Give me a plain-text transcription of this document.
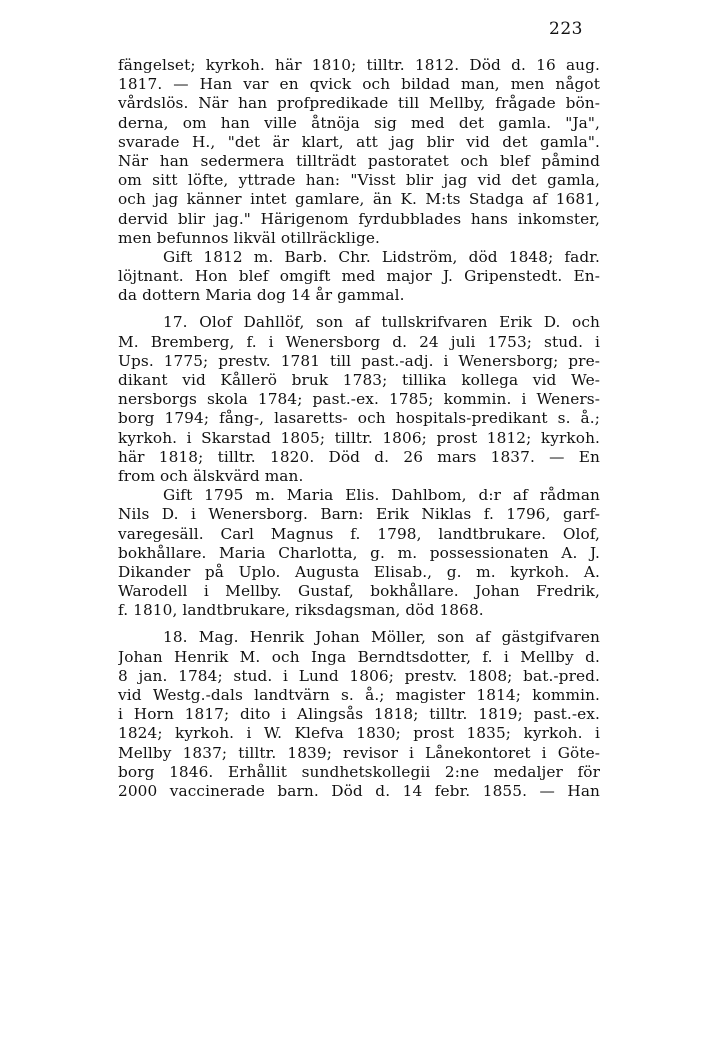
223
fängelset; kyrkoh. här 1810; tilltr. 1812. Död d. 16 aug.
1817. — Han var en qvick och bildad man, men något
vårdslös. När han profpredikade till Mellby, frågade bön-
derna, om han ville åtnöja sig med det gamla. "Ja",
svarade H., "det är klart, att jag blir vid det gamla".
När han sedermera tillträdt pastoratet och blef påmind
om sitt löfte, yttrade han: "Visst blir jag vid det gamla,
och jag känner intet gamlare, än K. M:ts Stadga af 1681,
dervid blir jag." Härigenom fyrdubblades hans inkomster,
men befunnos likväl otillräcklige.
Gift 1812 m. Barb. Chr. Lidström, död 1848; fadr.
löjtnant. Hon blef omgift med major J. Gripenstedt. En-
da dottern Maria dog 14 år gammal.
17. Olof Dahllöf, son af tullskrifvaren Erik D. och
M. Bremberg, f. i Wenersborg d. 24 juli 1753; stud. i
Ups. 1775; prestv. 1781 till past.-adj. i Wenersborg; pre-
dikant vid Kållerö bruk 1783; tillika kollega vid We-
nersborgs skola 1784; past.-ex. 1785; kommin. i Weners-
borg 1794; fång-, lasaretts- och hospitals-predikant s. å.;
kyrkoh. i Skarstad 1805; tilltr. 1806; prost 1812; kyrkoh.
här 1818; tilltr. 1820. Död d. 26 mars 1837. — En
from och älskvärd man.
Gift 1795 m. Maria Elis. Dahlbom, d:r af rådman
Nils D. i Wenersborg. Barn: Erik Niklas f. 1796, garf-
varegesäll. Carl Magnus f. 1798, landtbrukare. Olof,
bokhållare. Maria Charlotta, g. m. possessionaten A. J.
Dikander på Uplo. Augusta Elisab., g. m. kyrkoh. A.
Warodell i Mellby. Gustaf, bokhållare. Johan Fredrik,
f. 1810, landtbrukare, riksdagsman, död 1868.
18. Mag. Henrik Johan Möller, son af gästgifvaren
Johan Henrik M. och Inga Berndtsdotter, f. i Mellby d.
8 jan. 1784; stud. i Lund 1806; prestv. 1808; bat.-pred.
vid Westg.-dals landtvärn s. å.; magister 1814; kommin.
i Horn 1817; dito i Alingsås 1818; tilltr. 1819; past.-ex.
1824; kyrkoh. i W. Klefva 1830; prost 1835; kyrkoh. i
Mellby 1837; tilltr. 1839; revisor i Lånekontoret i Göte-
borg 1846. Erhållit sundhetskollegii 2:ne medaljer för
2000 vaccinerade barn. Död d. 14 febr. 1855. — Han
